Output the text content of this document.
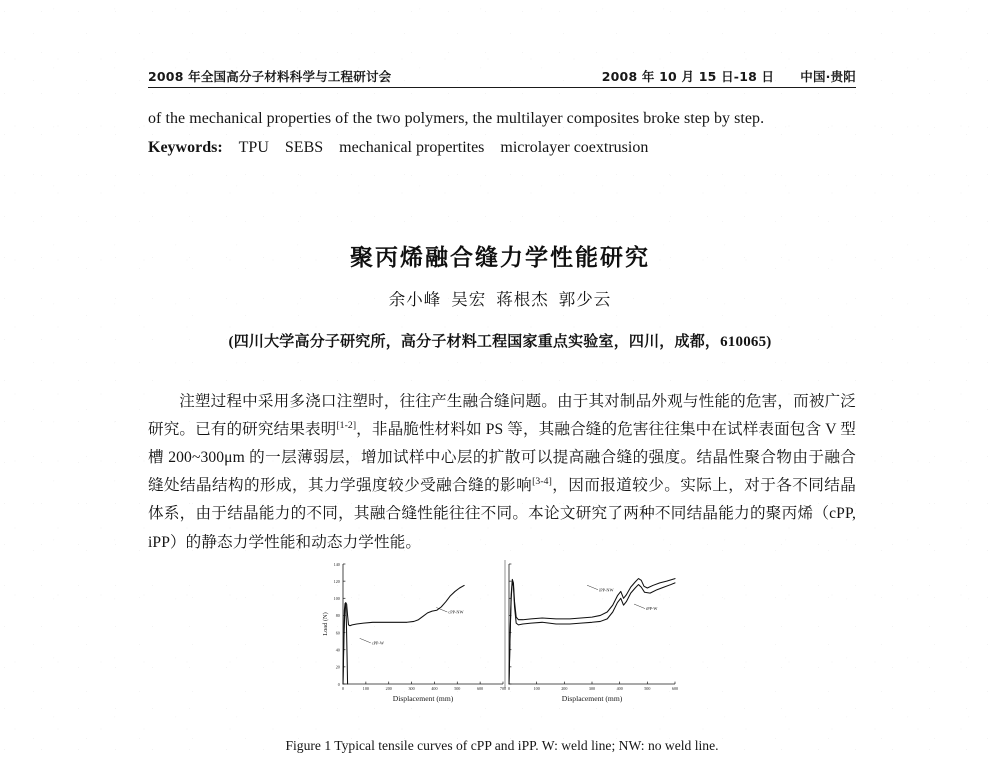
2008 年全国高分子材料科学与工程研讨会	2008 年 10 月 15 日-18 日 中国·贵阳
of the mechanical properties of the two polymers, the multilayer composites broke step by step.
Keywords: TPU SEBS mechanical propertites microlayer coextrusion
聚丙烯融合缝力学性能研究
余小峰 吴宏 蒋根杰 郭少云
(四川大学高分子研究所，高分子材料工程国家重点实验室，四川，成都，610065)

注塑过程中采用多浇口注塑时，往往产生融合缝问题。由于其对制品外观与性能的危害，而被广泛研究。已有的研究结果表明[1-2]，非晶脆性材料如 PS 等，其融合缝的危害往往集中在试样表面包含 V 型槽 200~300μm 的一层薄弱层，增加试样中心层的扩散可以提高融合缝的强度。结晶性聚合物由于融合缝处结晶结构的形成，其力学强度较少受融合缝的影响[3-4]，因而报道较少。实际上，对于各不同结晶体系，由于结晶能力的不同，其融合缝性能往往不同。本论文研究了两种不同结晶能力的聚丙烯（cPP, iPP）的静态力学性能和动态力学性能。

0
20
40
60
80
100
120
140
0	100	200	300	400	500	600	700
Displacement (mm)
Load (N)
cPP-W
cPP-NW
0	100	200	300	400	500	600
Displacement (mm)
iPP-NW
iPP-W
Figure 1 Typical tensile curves of cPP and iPP. W: weld line; NW: no weld line.
